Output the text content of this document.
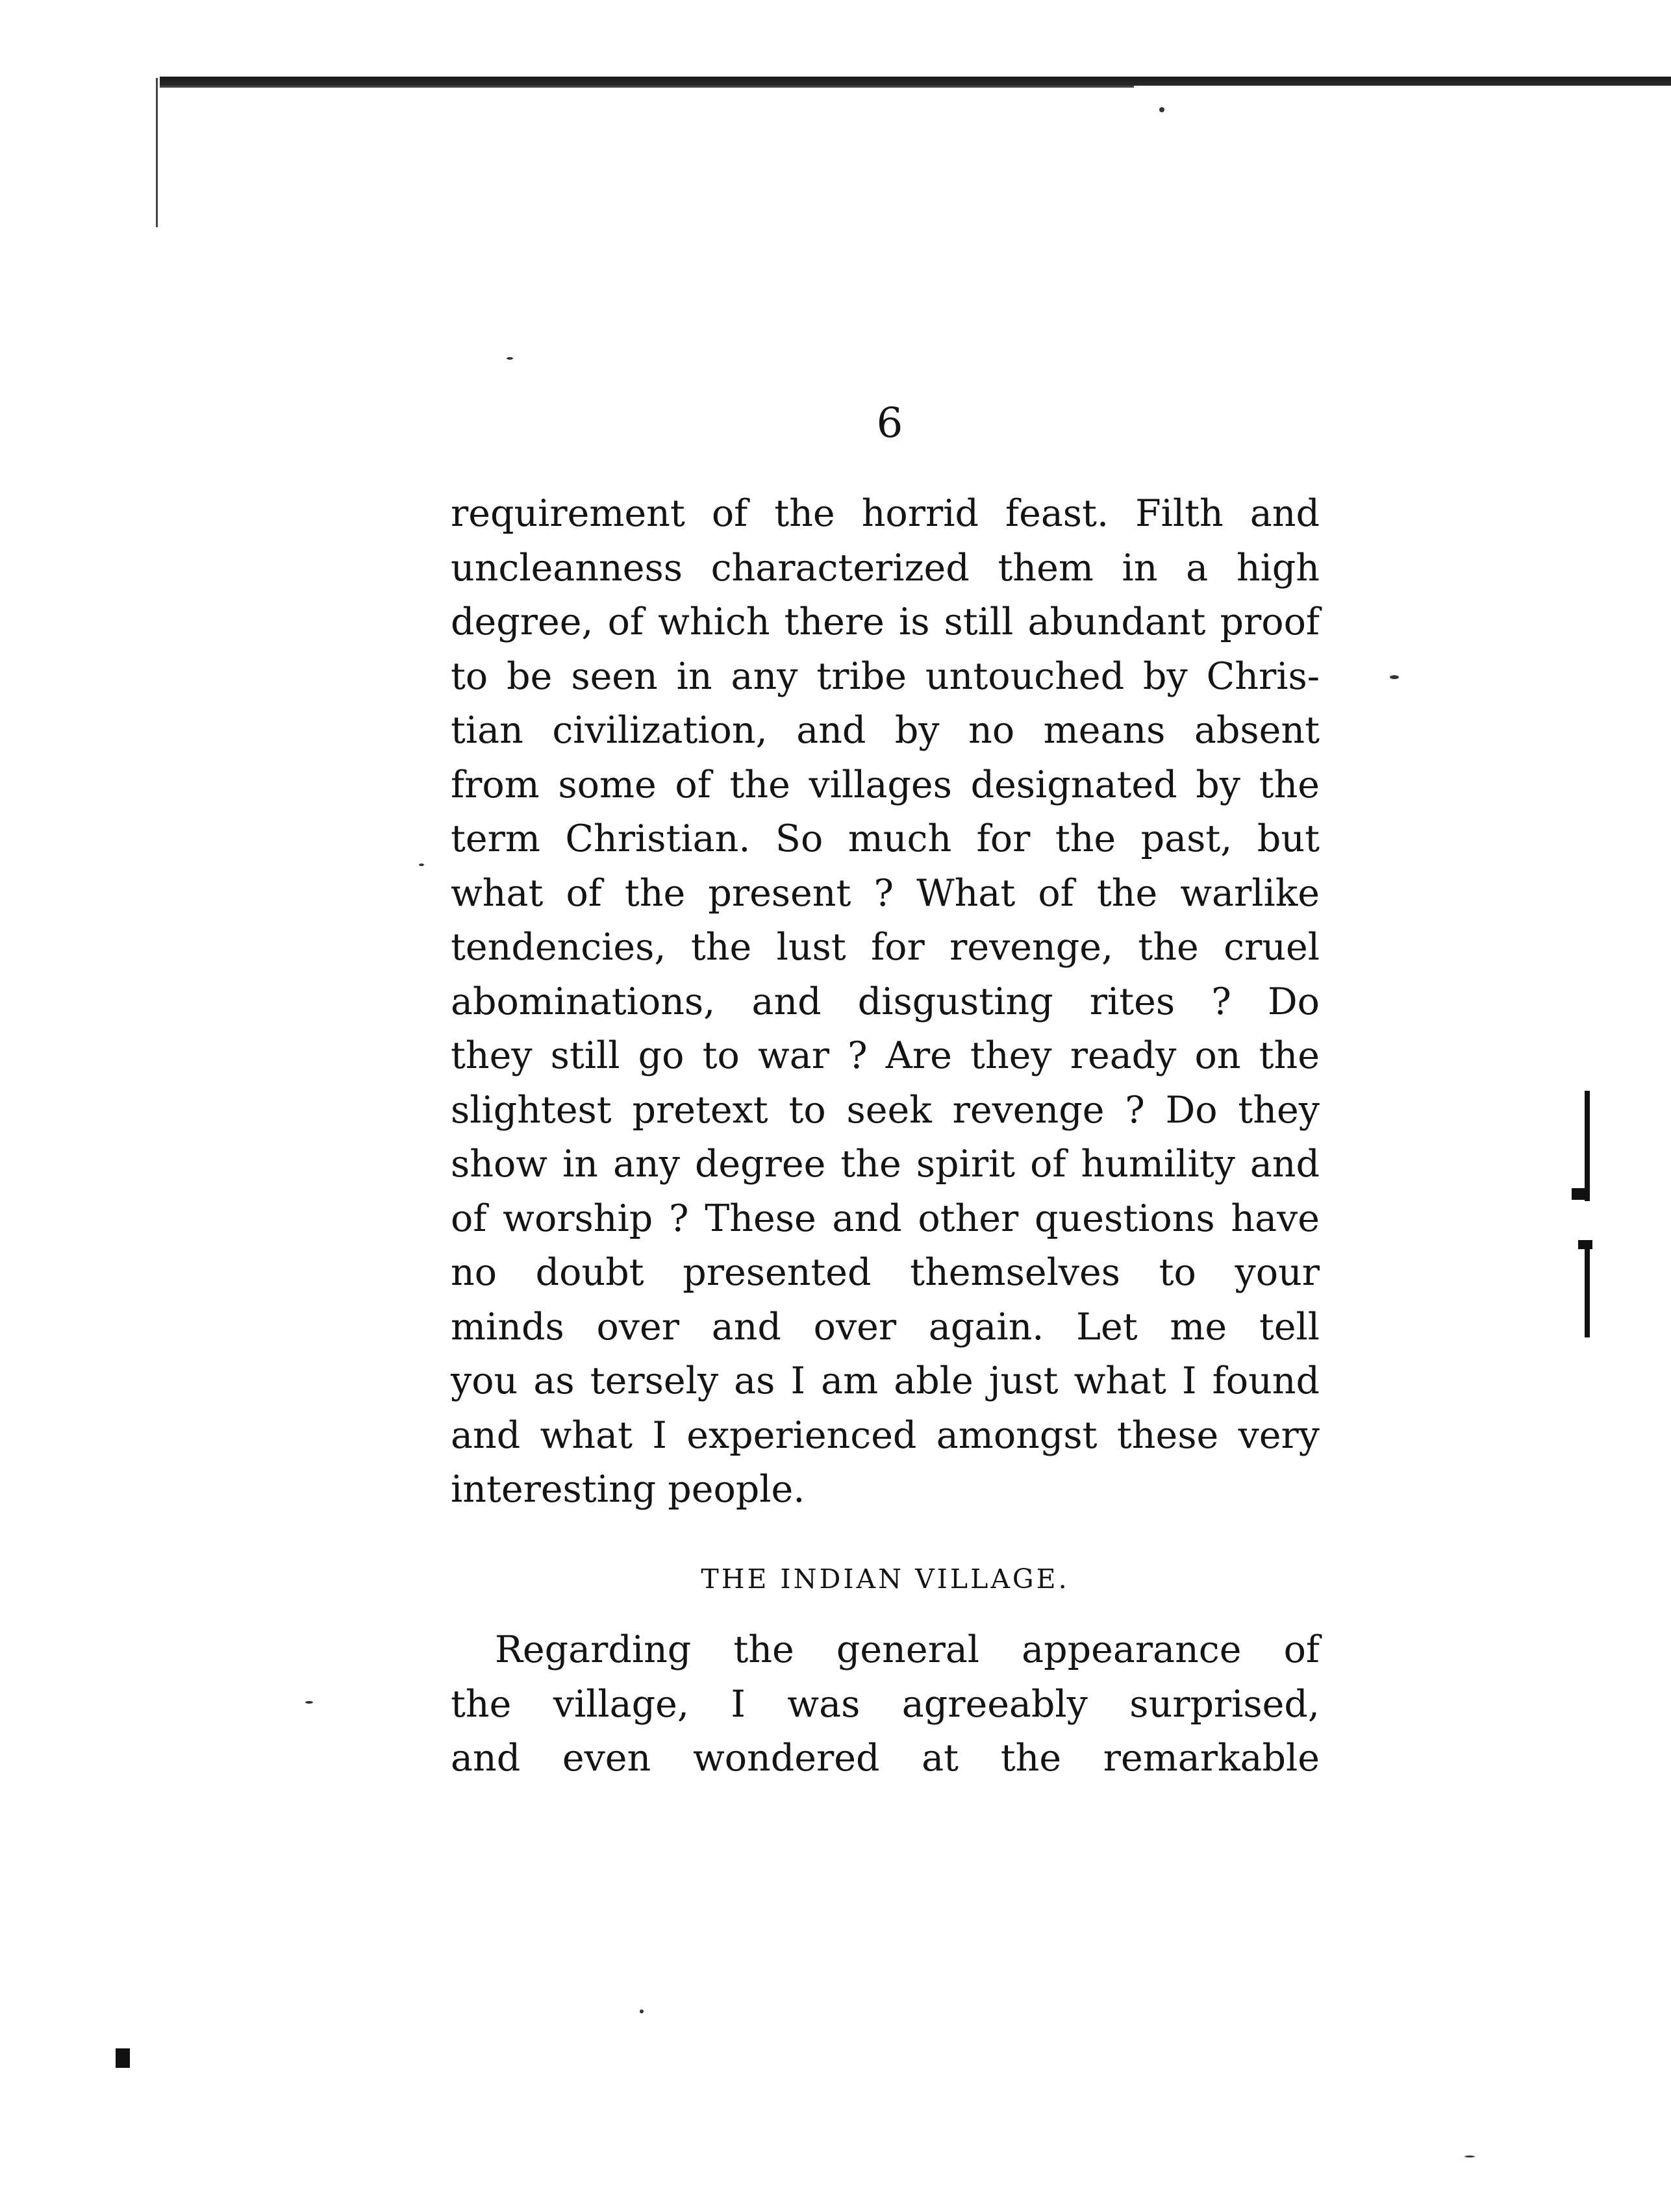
6
requirement of the horrid feast. Filth and
uncleanness characterized them in a high
degree, of which there is still abundant proof
to be seen in any tribe untouched by Chris-
tian civilization, and by no means absent
from some of the villages designated by the
term Christian. So much for the past, but
what of the present ? What of the warlike
tendencies, the lust for revenge, the cruel
abominations, and disgusting rites ? Do
they still go to war ? Are they ready on the
slightest pretext to seek revenge ? Do they
show in any degree the spirit of humility and
of worship ? These and other questions have
no doubt presented themselves to your
minds over and over again. Let me tell
you as tersely as I am able just what I found
and what I experienced amongst these very
interesting people.
THE INDIAN VILLAGE.
Regarding the general appearance of
the village, I was agreeably surprised,
and even wondered at the remarkable
